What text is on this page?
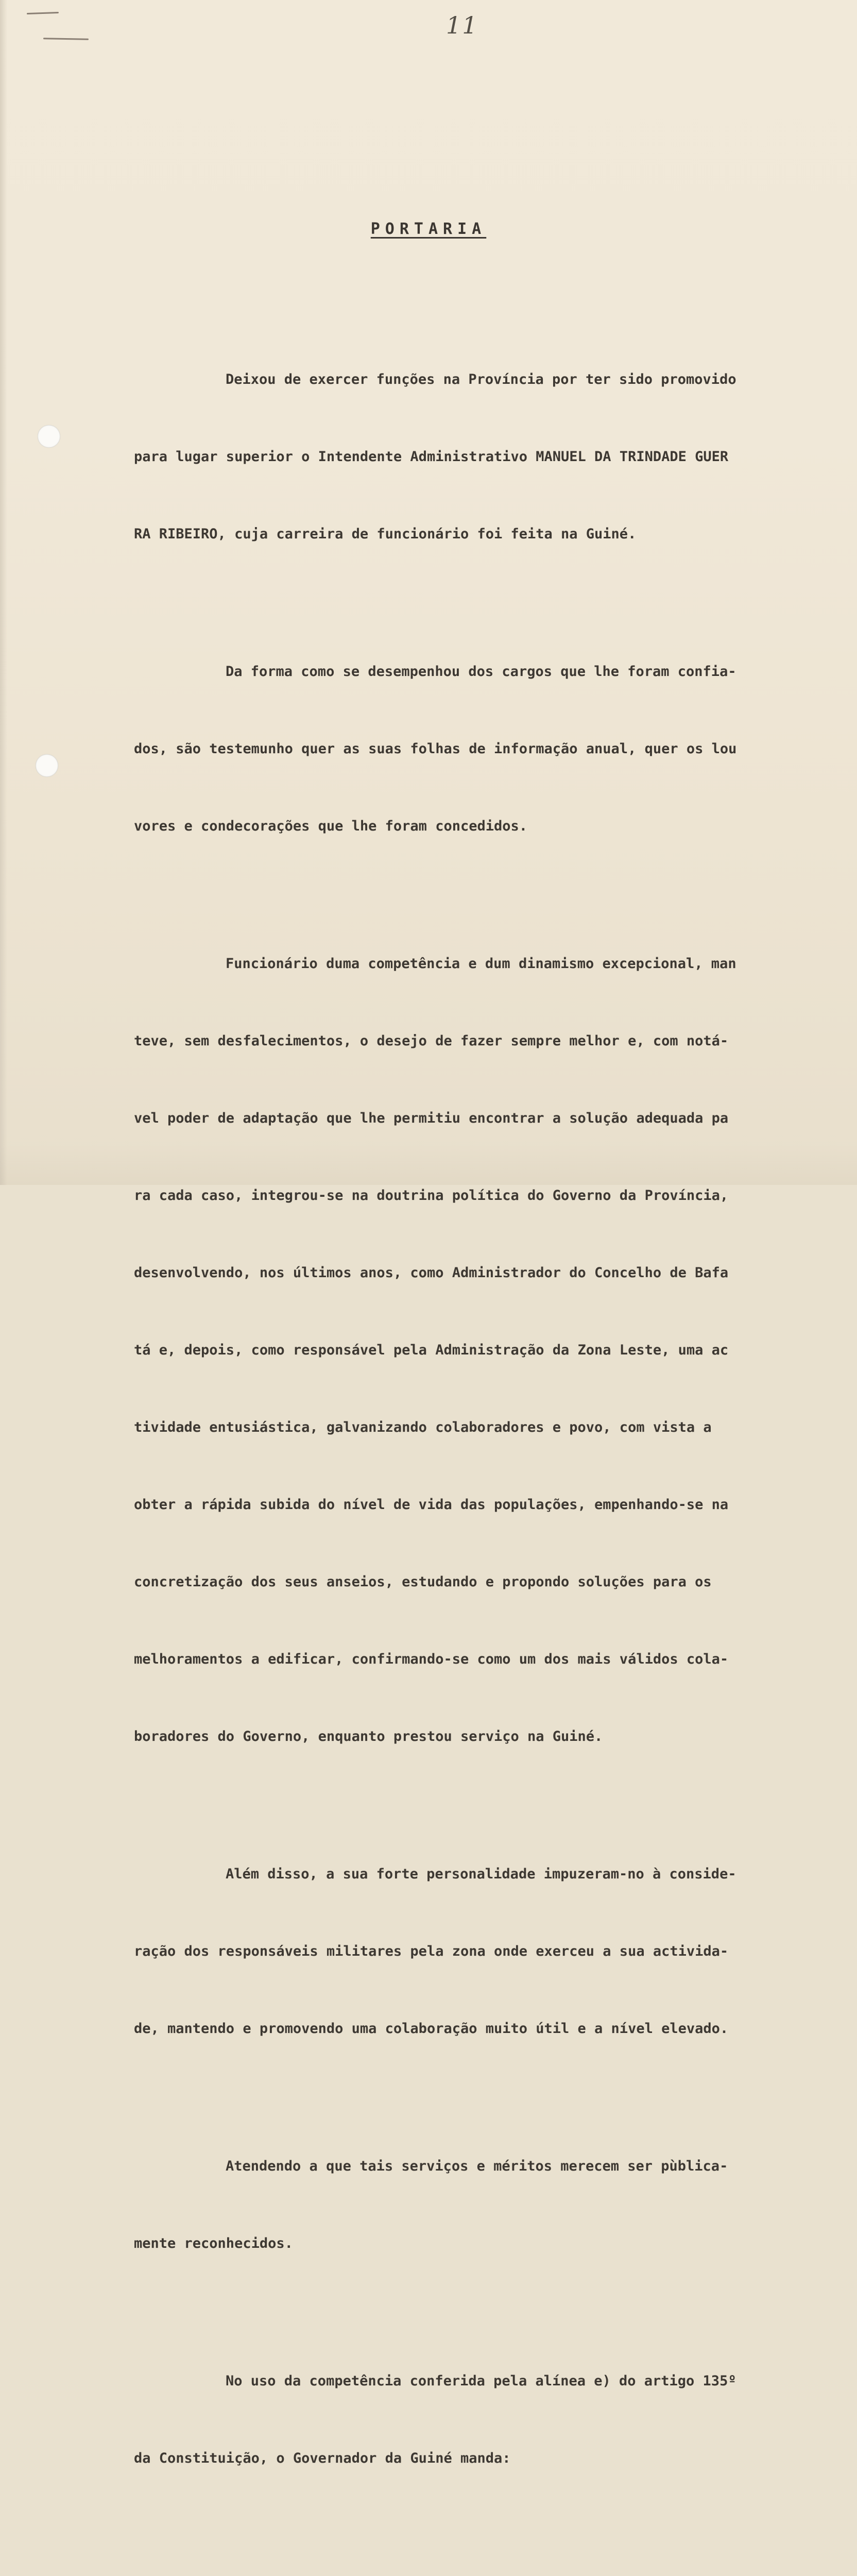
11
PORTARIA

Deixou de exercer funções na Província por ter sido promovido

para lugar superior o Intendente Administrativo MANUEL DA TRINDADE GUER

RA RIBEIRO, cuja carreira de funcionário foi feita na Guiné.

Da forma como se desempenhou dos cargos que lhe foram confia-

dos, são testemunho quer as suas folhas de informação anual, quer os lou

vores e condecorações que lhe foram concedidos.

Funcionário duma competência e dum dinamismo excepcional, man

teve, sem desfalecimentos, o desejo de fazer sempre melhor e, com notá-

vel poder de adaptação que lhe permitiu encontrar a solução adequada pa

ra cada caso, integrou-se na doutrina política do Governo da Província,

desenvolvendo, nos últimos anos, como Administrador do Concelho de Bafa

tá e, depois, como responsável pela Administração da Zona Leste, uma ac

tividade entusiástica, galvanizando colaboradores e povo, com vista a

obter a rápida subida do nível de vida das populações, empenhando-se na

concretização dos seus anseios, estudando e propondo soluções para os

melhoramentos a edificar, confirmando-se como um dos mais válidos cola-

boradores do Governo, enquanto prestou serviço na Guiné.

Além disso, a sua forte personalidade impuzeram-no à conside-

ração dos responsáveis militares pela zona onde exerceu a sua activida-

de, mantendo e promovendo uma colaboração muito útil e a nível elevado.

Atendendo a que tais serviços e méritos merecem ser pùblica-

mente reconhecidos.

No uso da competência conferida pela alínea e) do artigo 135º

da Constituição, o Governador da Guiné manda:
